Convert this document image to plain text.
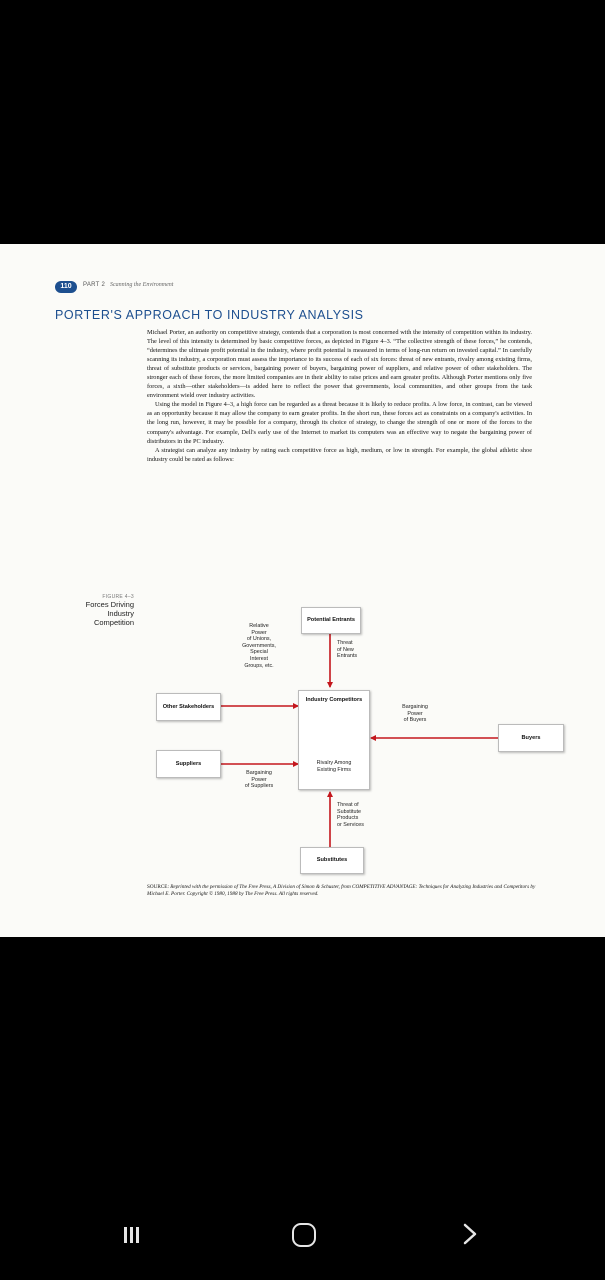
110	PART 2 Scanning the Environment
PORTER'S APPROACH TO INDUSTRY ANALYSIS

Michael Porter, an authority on competitive strategy, contends that a corporation is most concerned with the intensity of competition within its industry. The level of this intensity is determined by basic competitive forces, as depicted in Figure 4–3. “The collective strength of these forces,” he contends, “determines the ultimate profit potential in the industry, where profit potential is measured in terms of long-run return on invested capital.” In carefully scanning its industry, a corporation must assess the importance to its success of each of six forces: threat of new entrants, rivalry among existing firms, threat of substitute products or services, bargaining power of buyers, bargaining power of suppliers, and relative power of other stakeholders. The stronger each of these forces, the more limited companies are in their ability to raise prices and earn greater profits. Although Porter mentions only five forces, a sixth—other stakeholders—is added here to reflect the power that governments, local communities, and other groups from the task environment wield over industry activities.

Using the model in Figure 4–3, a high force can be regarded as a threat because it is likely to reduce profits. A low force, in contrast, can be viewed as an opportunity because it may allow the company to earn greater profits. In the short run, these forces act as constraints on a company's activities. In the long run, however, it may be possible for a company, through its choice of strategy, to change the strength of one or more of the forces to the company's advantage. For example, Dell's early use of the Internet to market its computers was an effective way to negate the bargaining power of distributors in the PC industry.

A strategist can analyze any industry by rating each competitive force as high, medium, or low in strength. For example, the global athletic shoe industry could be rated as follows:

FIGURE 4–3
Forces Driving
Industry
Competition	Potential Entrants
Industry Competitors
Other Stakeholders
Suppliers
Buyers
Substitutes
Relative
Power
of Unions,
Governments,
Special
Interest
Groups, etc.
Threat
of New
Entrants
Bargaining
Power
of Buyers
Bargaining
Power
of Suppliers
Rivalry Among
Existing Firms
Threat of
Substitute
Products
or Services
SOURCE: Reprinted with the permission of The Free Press, A Division of Simon & Schuster, from COMPETITIVE ADVANTAGE: Techniques for Analyzing Industries and Competitors by Michael E. Porter. Copyright © 1980, 1988 by The Free Press. All rights reserved.
